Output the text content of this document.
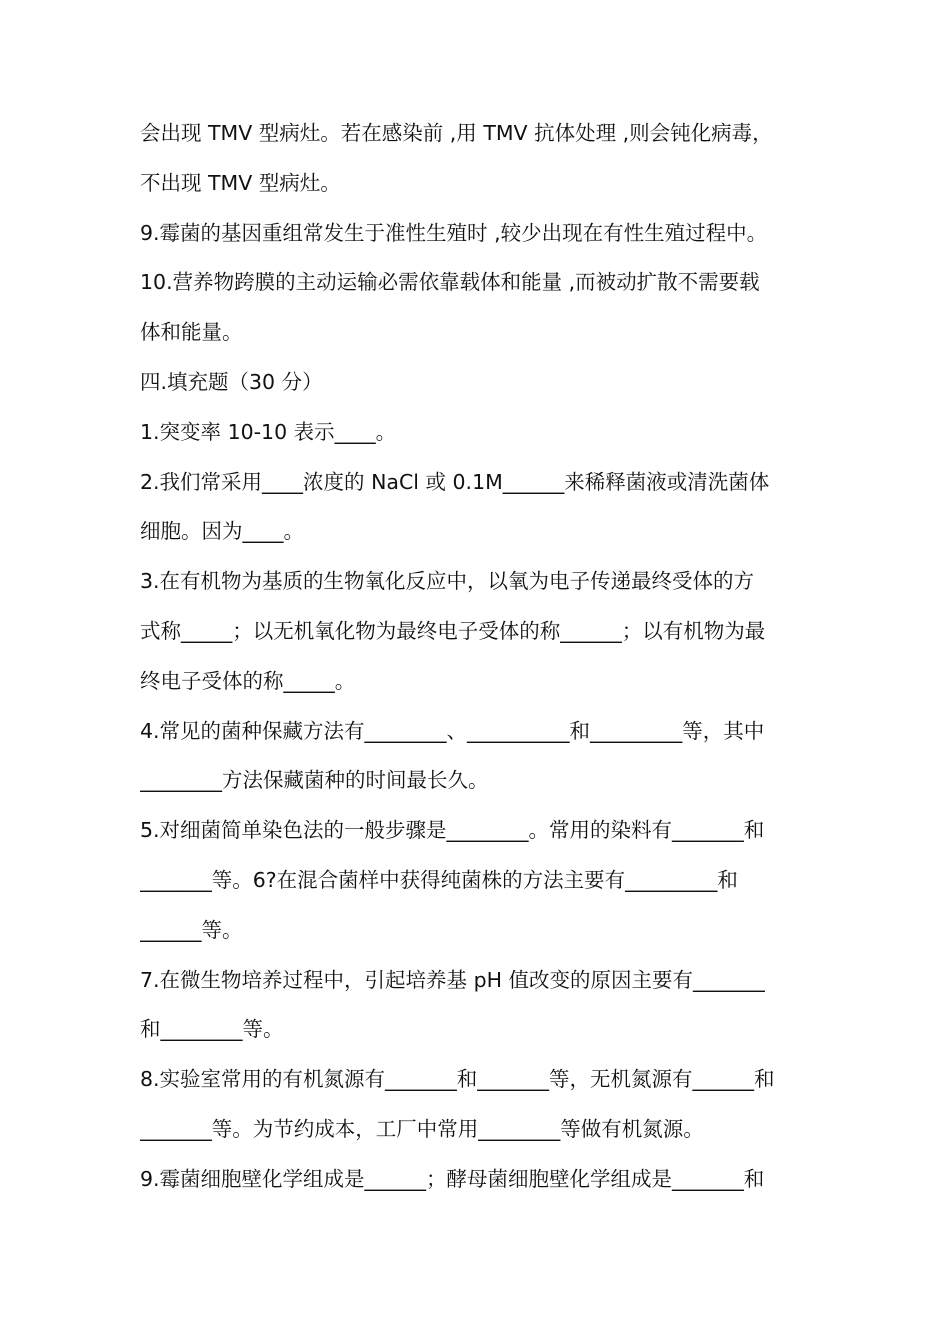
会出现 TMV 型病灶。若在感染前 ,用 TMV 抗体处理 ,则会钝化病毒，
不出现 TMV 型病灶。
9.霉菌的基因重组常发生于准性生殖时 ,较少出现在有性生殖过程中。
10.营养物跨膜的主动运输必需依靠载体和能量 ,而被动扩散不需要载
体和能量。
四.填充题（30 分）
1.突变率 10-10 表示____。
2.我们常采用____浓度的 NaCl 或 0.1M______来稀释菌液或清洗菌体
细胞。因为____。
3.在有机物为基质的生物氧化反应中，以氧为电子传递最终受体的方
式称_____；以无机氧化物为最终电子受体的称______；以有机物为最
终电子受体的称_____。
4.常见的菌种保藏方法有________、__________和_________等，其中
________方法保藏菌种的时间最长久。
5.对细菌简单染色法的一般步骤是________。常用的染料有_______和
_______等。6?在混合菌样中获得纯菌株的方法主要有_________和
______等。
7.在微生物培养过程中，引起培养基 pH 值改变的原因主要有_______
和________等。
8.实验室常用的有机氮源有_______和_______等，无机氮源有______和
_______等。为节约成本，工厂中常用________等做有机氮源。
9.霉菌细胞壁化学组成是______；酵母菌细胞壁化学组成是_______和
